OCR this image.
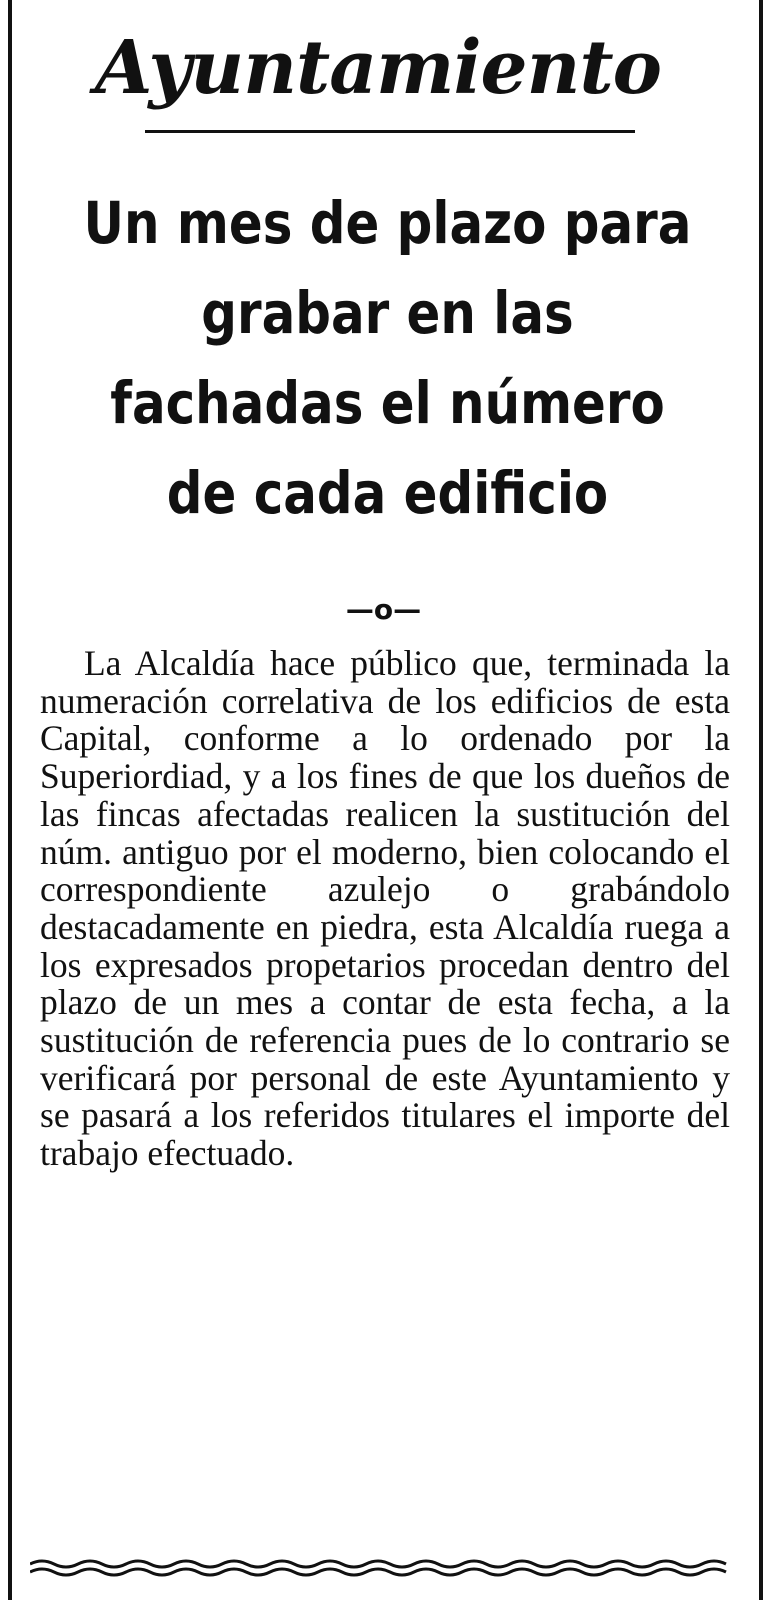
Ayuntamiento
Un mes de plazo para grabar en las fachadas el número de cada edificio
—o—

La Alcaldía hace público que, terminada la numeración correlativa de los edificios de esta Capital, conforme a lo ordenado por la Superiordiad, y a los fines de que los dueños de las fincas afectadas realicen la sustitución del núm. antiguo por el moderno, bien colocando el correspondiente azulejo o grabándolo destacadamente en piedra, esta Alcaldía ruega a los expresados propetarios procedan dentro del plazo de un mes a contar de esta fecha, a la sustitución de referencia pues de lo contrario se verificará por personal de este Ayuntamiento y se pasará a los referidos titulares el importe del trabajo efectuado.
